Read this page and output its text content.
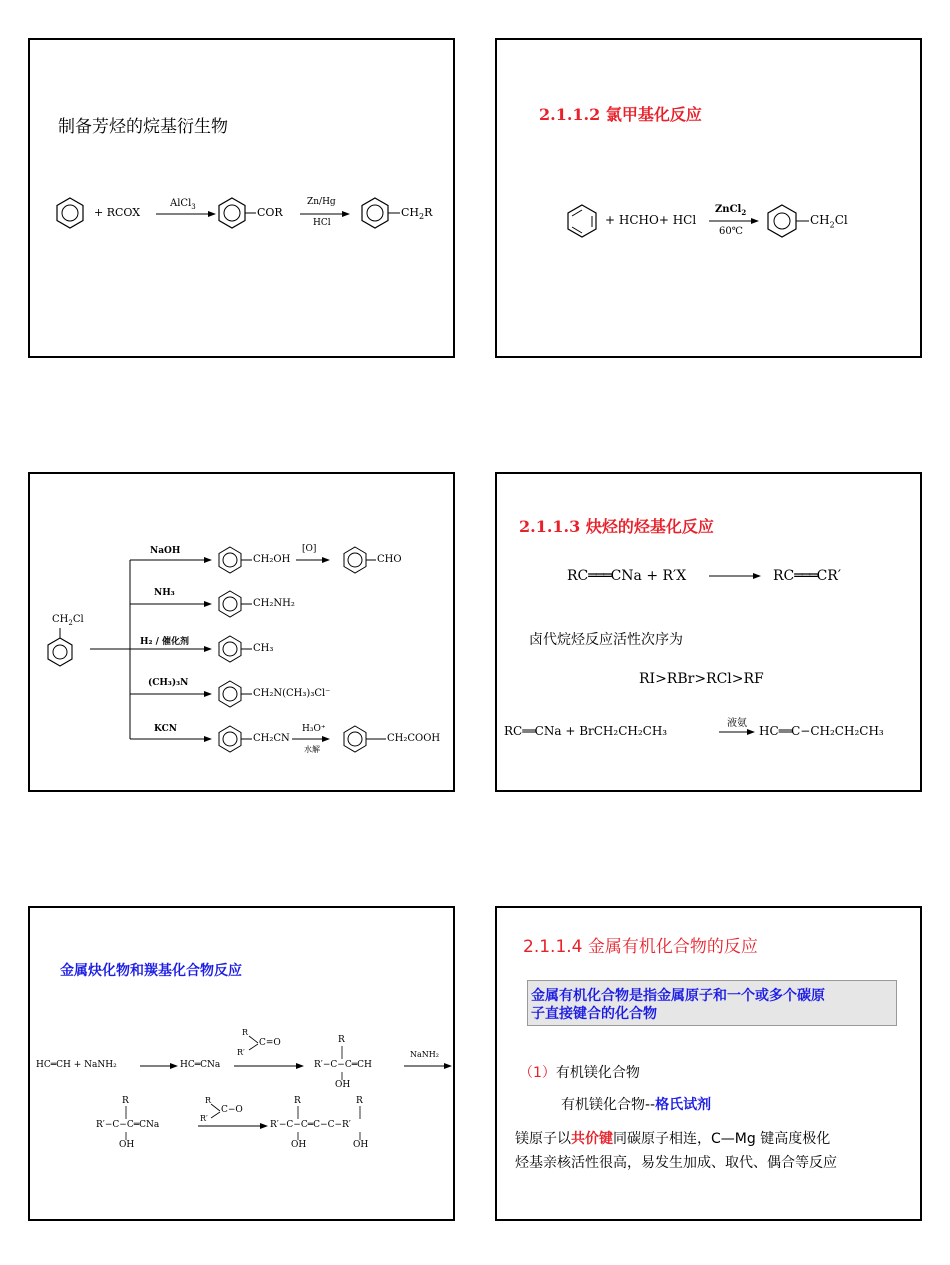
制备芳烃的烷基衍生物
+ RCOX
AlCl$_3$	COR
Zn/Hg
HCl
$CH_2R$
2.1.1.2 氯甲基化反应
+ HCHO+ HCl
ZnCl$_2$
60℃
$CH_2Cl$
$CH_2Cl$
NaOH
CH₂OH
[O]
CHO
NH₃
CH₂NH₂
H₂ / 催化剂
CH₃
(CH₃)₃N
CH₂N(CH₃)₃Cl⁻
KCN
CH₂CN
H₃O⁺
水解
CH₂COOH
2.1.1.3 炔烃的烃基化反应
RC═══CNa + R′X	RC═══CR′
卤代烷烃反应活性次序为
RI>RBr>RCl>RF
RC══CNa + BrCH₂CH₂CH₃
液氨
HC══C−CH₂CH₂CH₃
金属炔化物和羰基化合物反应
HC═CH + NaNH₂	HC═CNa
R
R′
C=O	R
R′−C−C═CH
OH
NaNH₂
R
R′−C−C═CNa
OH
R
R′
C−O
R	R
R′−C−C═C−C−R′
OH	OH
2.1.1.4 金属有机化合物的反应
金属有机化合物是指金属原子和一个或多个碳原
子直接键合的化合物
（1）有机镁化合物
有机镁化合物--格氏试剂
镁原子以共价键同碳原子相连，C—Mg 键高度极化
烃基亲核活性很高，易发生加成、取代、偶合等反应
